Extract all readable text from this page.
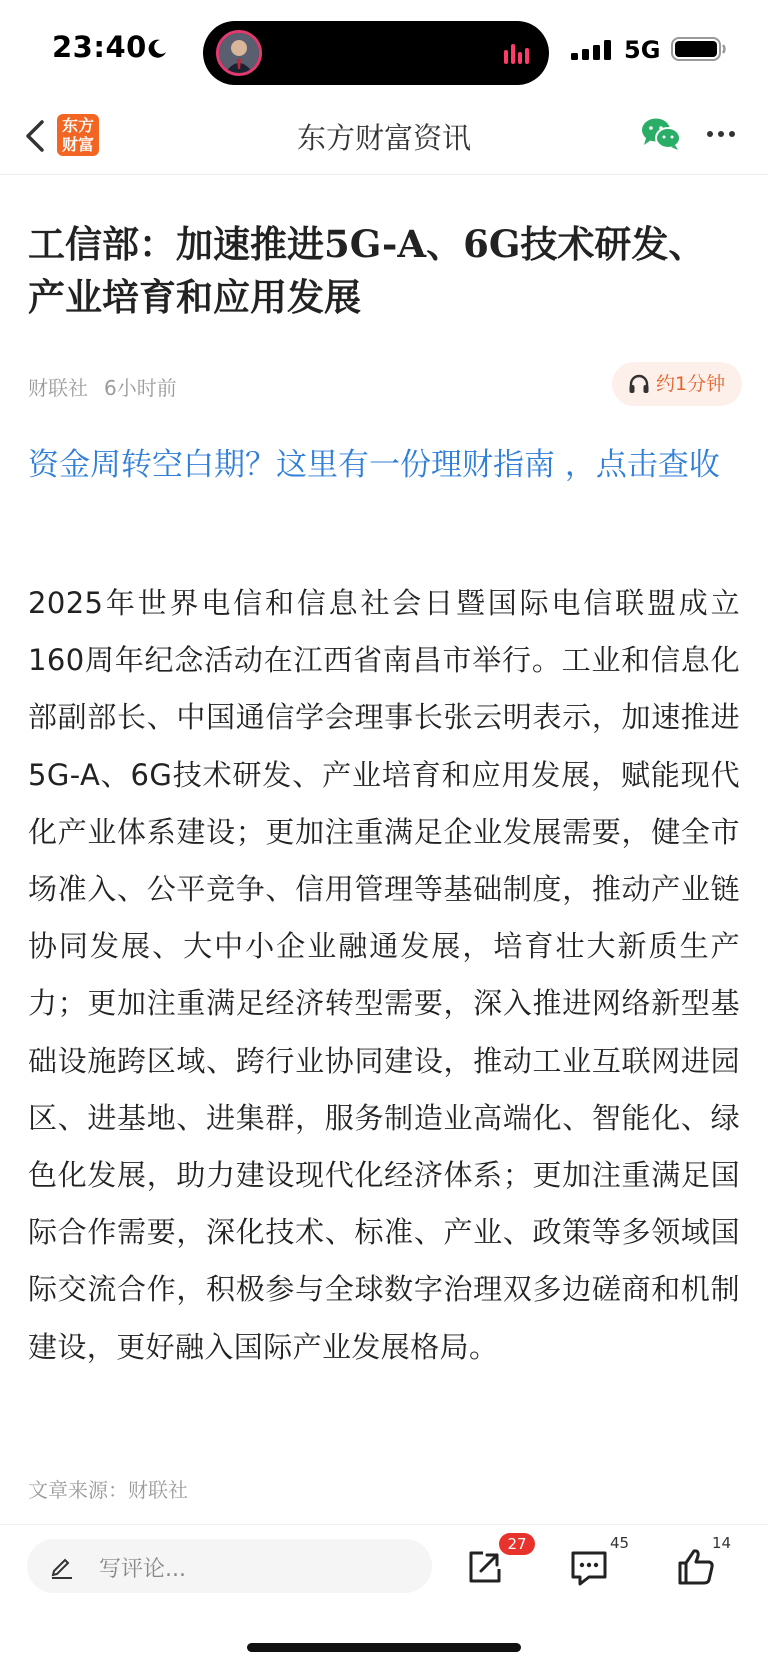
23:40	5G
东方
财富	东方财富资讯
工信部：加速推进5G-A、6G技术研发、产业培育和应用发展
财联社 6小时前	约1分钟

资金周转空白期？这里有一份理财指南 ，点击查收

2025年世界电信和信息社会日暨国际电信联盟成立160周年纪念活动在江西省南昌市举行。工业和信息化部副部长、中国通信学会理事长张云明表示，加速推进5G-A、6G技术研发、产业培育和应用发展，赋能现代化产业体系建设；更加注重满足企业发展需要，健全市场准入、公平竞争、信用管理等基础制度，推动产业链协同发展、大中小企业融通发展，培育壮大新质生产力；更加注重满足经济转型需要，深入推进网络新型基础设施跨区域、跨行业协同建设，推动工业互联网进园区、进基地、进集群，服务制造业高端化、智能化、绿色化发展，助力建设现代化经济体系；更加注重满足国际合作需要，深化技术、标准、产业、政策等多领域国际交流合作，积极参与全球数字治理双多边磋商和机制建设，更好融入国际产业发展格局。

文章来源：财联社
写评论...
27	45	14
